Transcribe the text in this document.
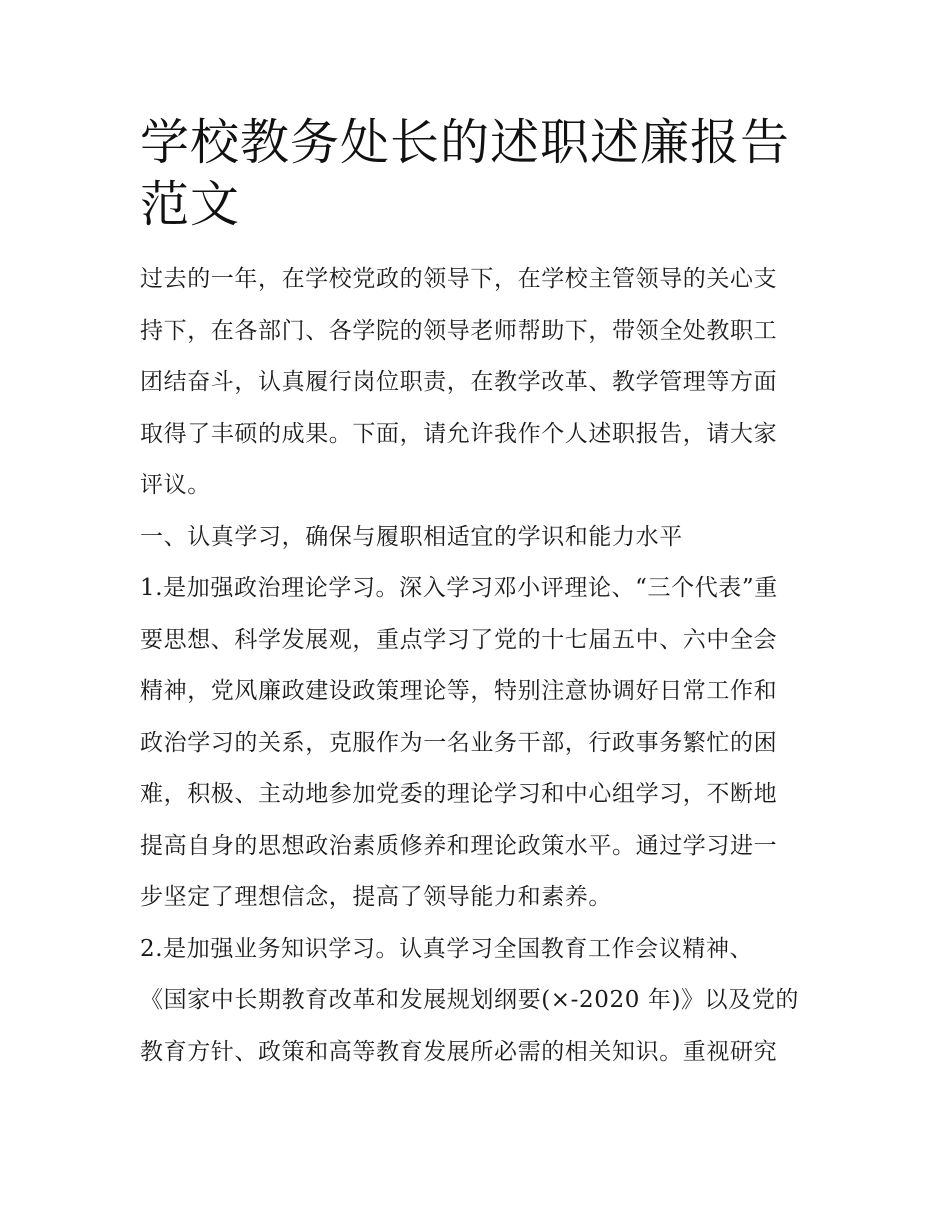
学校教务处长的述职述廉报告
范文

过去的一年，在学校党政的领导下，在学校主管领导的关心支
持下，在各部门、各学院的领导老师帮助下，带领全处教职工
团结奋斗，认真履行岗位职责，在教学改革、教学管理等方面
取得了丰硕的成果。下面，请允许我作个人述职报告，请大家
评议。

一、认真学习，确保与履职相适宜的学识和能力水平

1.是加强政治理论学习。深入学习邓小评理论、“三个代表”重
要思想、科学发展观，重点学习了党的十七届五中、六中全会
精神，党风廉政建设政策理论等，特别注意协调好日常工作和
政治学习的关系，克服作为一名业务干部，行政事务繁忙的困
难，积极、主动地参加党委的理论学习和中心组学习，不断地
提高自身的思想政治素质修养和理论政策水平。通过学习进一
步坚定了理想信念，提高了领导能力和素养。

2.是加强业务知识学习。认真学习全国教育工作会议精神、
《国家中长期教育改革和发展规划纲要(×-2020 年)》以及党的
教育方针、政策和高等教育发展所必需的相关知识。重视研究
